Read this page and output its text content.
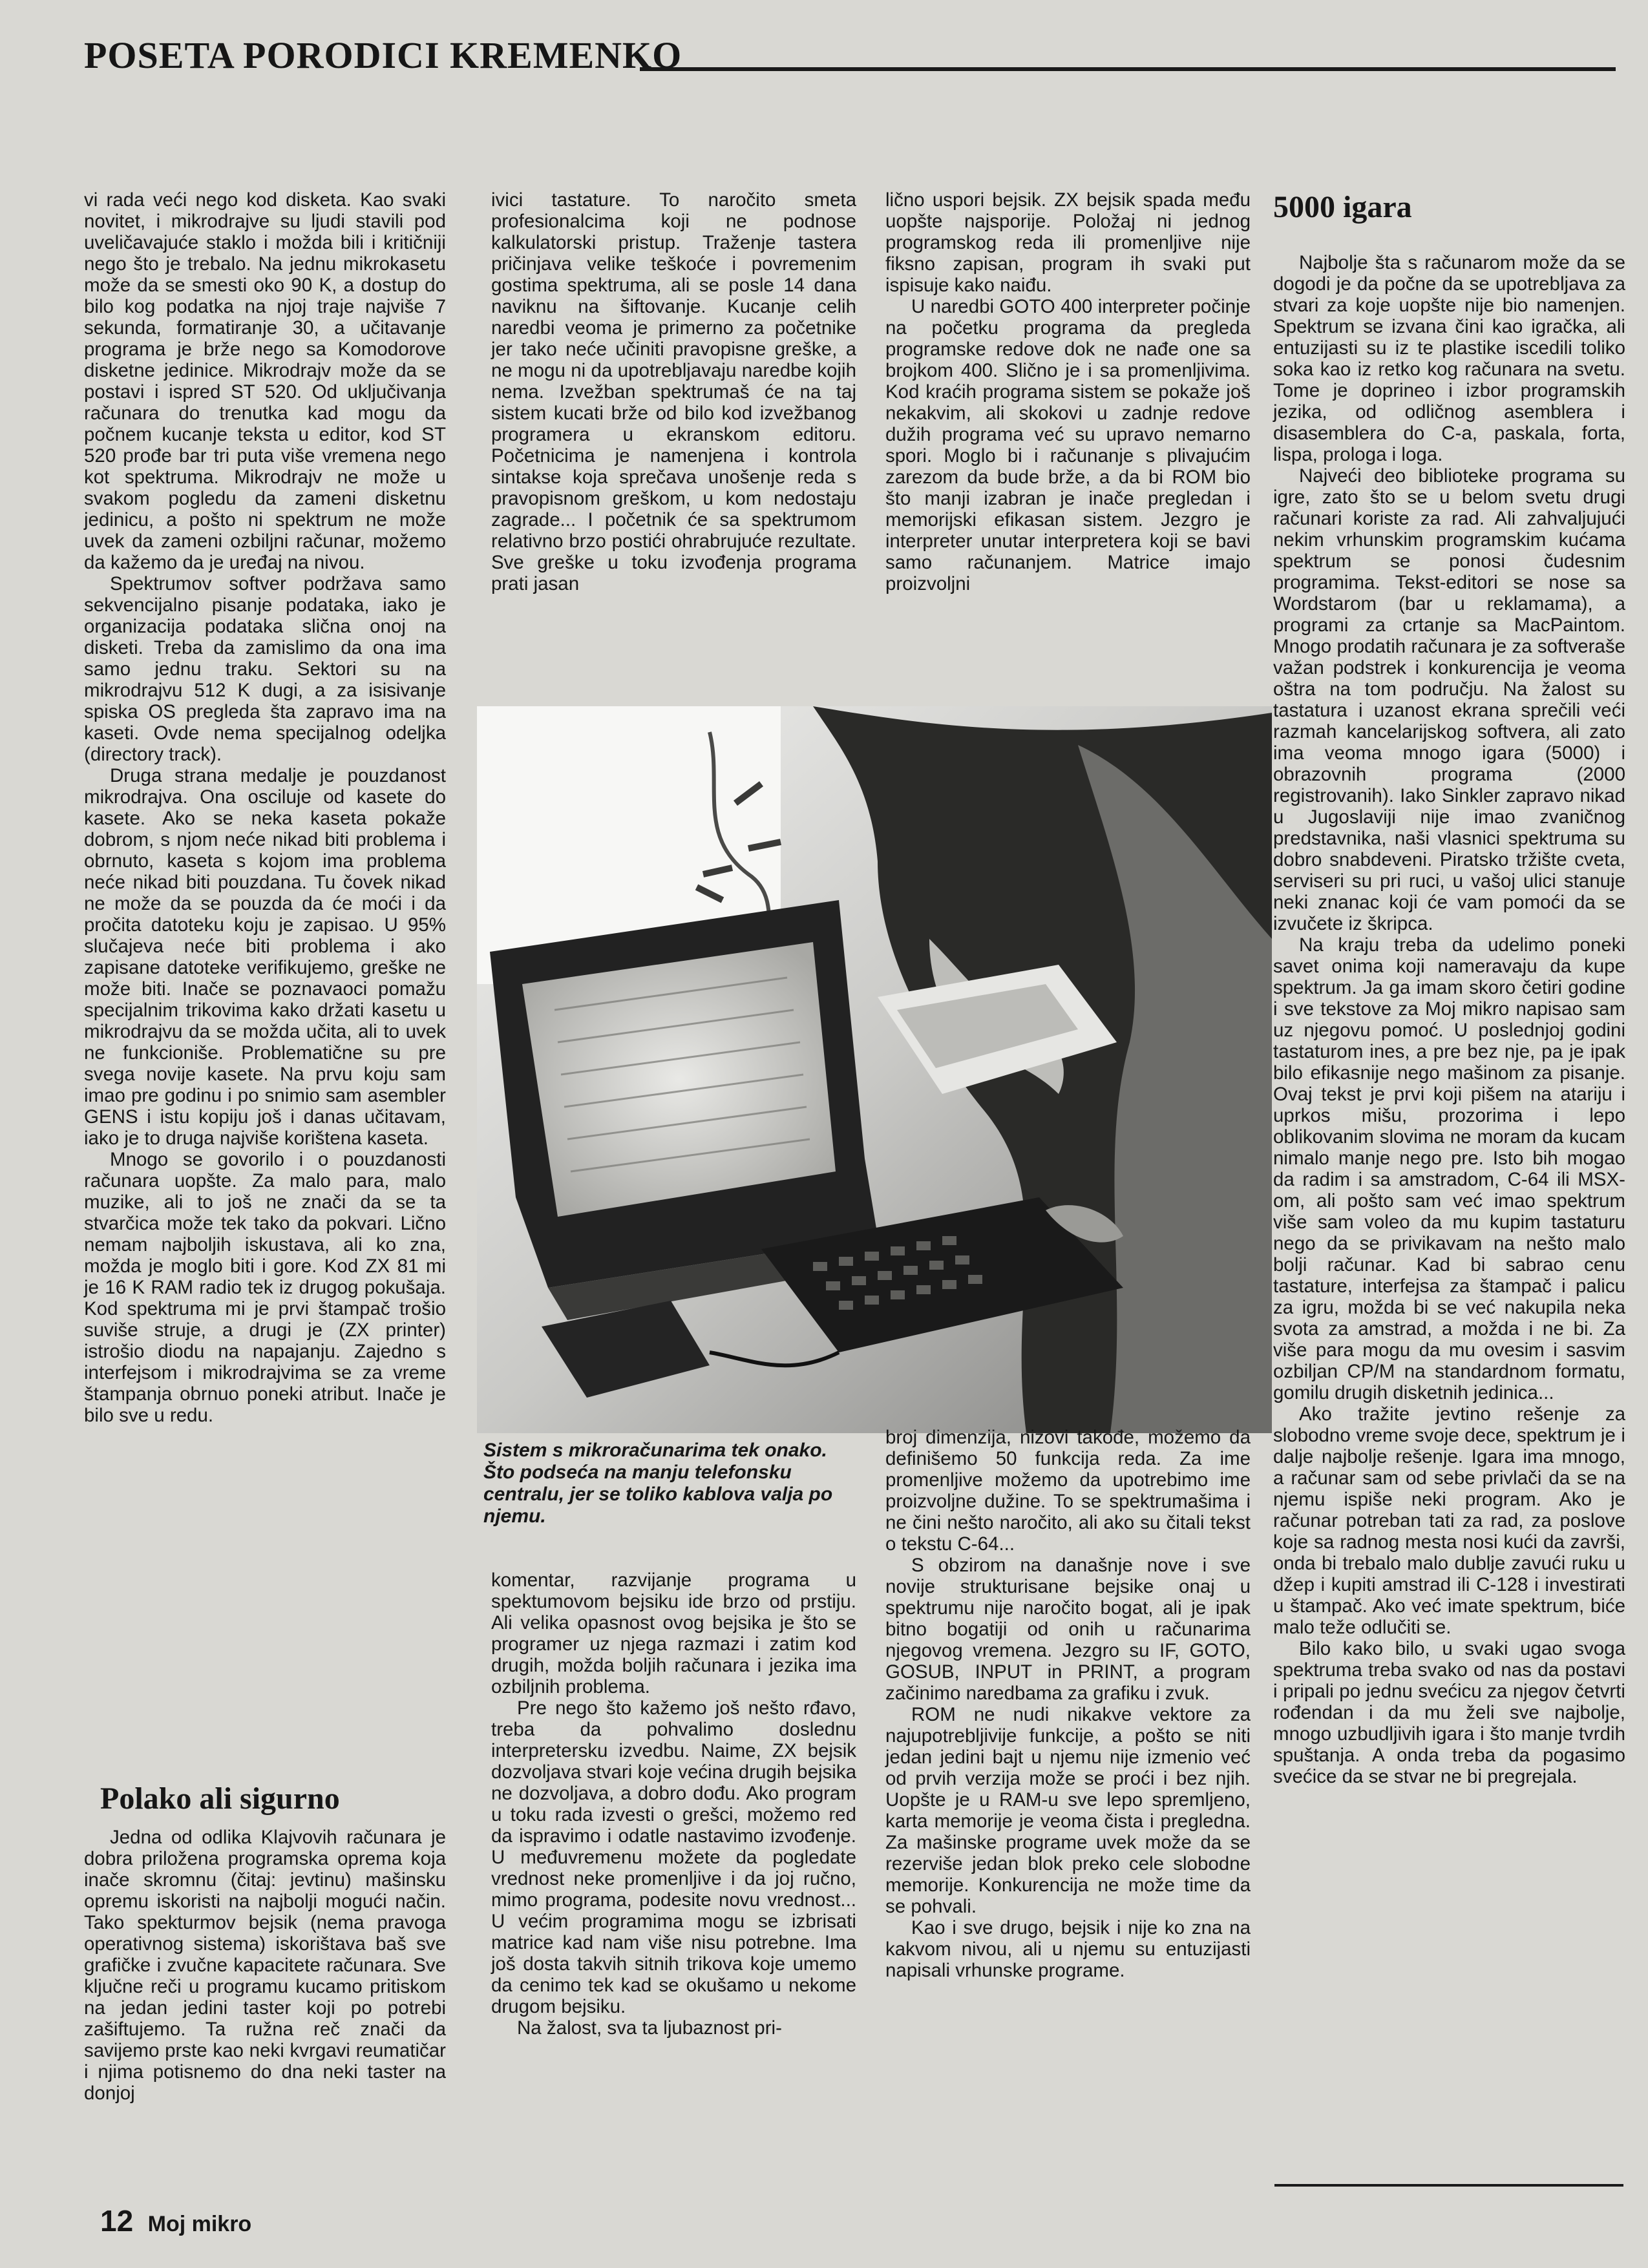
POSETA PORODICI KREMENKO

vi rada veći nego kod disketa. Kao svaki novitet, i mikrodrajve su ljudi stavili pod uveličavajuće staklo i možda bili i kritičniji nego što je trebalo. Na jednu mikrokasetu može da se smesti oko 90 K, a dostup do bilo kog podatka na njoj traje najviše 7 sekunda, formatiranje 30, a učitavanje programa je brže nego sa Komodorove disketne jedinice. Mikrodrajv može da se postavi i ispred ST 520. Od uključivanja računara do trenutka kad mogu da počnem kucanje teksta u editor, kod ST 520 prođe bar tri puta više vremena nego kot spektruma. Mikrodrajv ne može u svakom pogledu da zameni disketnu jedinicu, a pošto ni spektrum ne može uvek da zameni ozbiljni računar, možemo da kažemo da je uređaj na nivou.

Spektrumov softver podržava samo sekvencijalno pisanje podataka, iako je organizacija podataka slična onoj na disketi. Treba da zamislimo da ona ima samo jednu traku. Sektori su na mikrodrajvu 512 K dugi, a za isisivanje spiska OS pregleda šta zapravo ima na kaseti. Ovde nema specijalnog odeljka (directory track).

Druga strana medalje je pouzdanost mikrodrajva. Ona osciluje od kasete do kasete. Ako se neka kaseta pokaže dobrom, s njom neće nikad biti problema i obrnuto, kaseta s kojom ima problema neće nikad biti pouzdana. Tu čovek nikad ne može da se pouzda da će moći i da pročita datoteku koju je zapisao. U 95% slučajeva neće biti problema i ako zapisane datoteke verifikujemo, greške ne može biti. Inače se poznavaoci pomažu specijalnim trikovima kako držati kasetu u mikrodrajvu da se možda učita, ali to uvek ne funkcioniše. Problematične su pre svega novije kasete. Na prvu koju sam imao pre godinu i po snimio sam asembler GENS i istu kopiju još i danas učitavam, iako je to druga najviše korištena kaseta.

Mnogo se govorilo i o pouzdanosti računara uopšte. Za malo para, malo muzike, ali to još ne znači da se ta stvarčica može tek tako da pokvari. Lično nemam najboljih iskustava, ali ko zna, možda je moglo biti i gore. Kod ZX 81 mi je 16 K RAM radio tek iz drugog pokušaja. Kod spektruma mi je prvi štampač trošio suviše struje, a drugi je (ZX printer) istrošio diodu na napajanju. Zajedno s interfejsom i mikrodrajvima se za vreme štampanja obrnuo poneki atribut. Inače je bilo sve u redu.

Polako ali sigurno

Jedna od odlika Klajvovih računara je dobra priložena programska oprema koja inače skromnu (čitaj: jevtinu) mašinsku opremu iskoristi na najbolji mogući način. Tako spekturmov bejsik (nema pravoga operativnog sistema) iskorištava baš sve grafičke i zvučne kapacitete računara. Sve ključne reči u programu kucamo pritiskom na jedan jedini taster koji po potrebi zašiftujemo. Ta ružna reč znači da savijemo prste kao neki kvrgavi reumatičar i njima potisnemo do dna neki taster na donjoj

ivici tastature. To naročito smeta profesionalcima koji ne podnose kalkulatorski pristup. Traženje tastera pričinjava velike teškoće i povremenim gostima spektruma, ali se posle 14 dana naviknu na šiftovanje. Kucanje celih naredbi veoma je primerno za početnike jer tako neće učiniti pravopisne greške, a ne mogu ni da upotrebljavaju naredbe kojih nema. Izvežban spektrumaš će na taj sistem kucati brže od bilo kod izvežbanog programera u ekranskom editoru. Početnicima je namenjena i kontrola sintakse koja sprečava unošenje reda s pravopisnom greškom, u kom nedostaju zagrade... I početnik će sa spektrumom relativno brzo postići ohrabrujuće rezultate. Sve greške u toku izvođenja programa prati jasan

lično uspori bejsik. ZX bejsik spada među uopšte najsporije. Položaj ni jednog programskog reda ili promenljive nije fiksno zapisan, program ih svaki put ispisuje kako naiđu.

U naredbi GOTO 400 interpreter počinje na početku programa da pregleda programske redove dok ne nađe one sa brojkom 400. Slično je i sa promenljivima. Kod kraćih programa sistem se pokaže još nekakvim, ali skokovi u zadnje redove dužih programa već su upravo nemarno spori. Moglo bi i računanje s plivajućim zarezom da bude brže, a da bi ROM bio što manji izabran je inače pregledan i memorijski efikasan sistem. Jezgro je interpreter unutar interpretera koji se bavi samo računanjem. Matrice imajo proizvoljni

Sistem s mikroračunarima tek onako. Što podseća na manju telefonsku centralu, jer se toliko kablova valja po njemu.

komentar, razvijanje programa u spektumovom bejsiku ide brzo od prstiju. Ali velika opasnost ovog bejsika je što se programer uz njega razmazi i zatim kod drugih, možda boljih računara i jezika ima ozbiljnih problema.

Pre nego što kažemo još nešto rđavo, treba da pohvalimo doslednu interpretersku izvedbu. Naime, ZX bejsik dozvoljava stvari koje većina drugih bejsika ne dozvoljava, a dobro dođu. Ako program u toku rada izvesti o grešci, možemo red da ispravimo i odatle nastavimo izvođenje. U međuvremenu možete da pogledate vrednost neke promenljive i da joj ručno, mimo programa, podesite novu vrednost... U većim programima mogu se izbrisati matrice kad nam više nisu potrebne. Ima još dosta takvih sitnih trikova koje umemo da cenimo tek kad se okušamo u nekome drugom bejsiku.

Na žalost, sva ta ljubaznost pri-

broj dimenzija, nizovi takođe, možemo da definišemo 50 funkcija reda. Za ime promenljive možemo da upotrebimo ime proizvoljne dužine. To se spektrumašima i ne čini nešto naročito, ali ako su čitali tekst o tekstu C-64...

S obzirom na današnje nove i sve novije strukturisane bejsike onaj u spektrumu nije naročito bogat, ali je ipak bitno bogatiji od onih u računarima njegovog vremena. Jezgro su IF, GOTO, GOSUB, INPUT in PRINT, a program začinimo naredbama za grafiku i zvuk.

ROM ne nudi nikakve vektore za najupotrebljivije funkcije, a pošto se niti jedan jedini bajt u njemu nije izmenio već od prvih verzija može se proći i bez njih. Uopšte je u RAM-u sve lepo spremljeno, karta memorije je veoma čista i pregledna. Za mašinske programe uvek može da se rezerviše jedan blok preko cele slobodne memorije. Konkurencija ne može time da se pohvali.

Kao i sve drugo, bejsik i nije ko zna na kakvom nivou, ali u njemu su entuzijasti napisali vrhunske programe.

5000 igara

Najbolje šta s računarom može da se dogodi je da počne da se upotrebljava za stvari za koje uopšte nije bio namenjen. Spektrum se izvana čini kao igračka, ali entuzijasti su iz te plastike iscedili toliko soka kao iz retko kog računara na svetu. Tome je doprineo i izbor programskih jezika, od odličnog asemblera i disasemblera do C-a, paskala, forta, lispa, prologa i loga.

Najveći deo biblioteke programa su igre, zato što se u belom svetu drugi računari koriste za rad. Ali zahvaljujući nekim vrhunskim programskim kućama spektrum se ponosi čudesnim programima. Tekst-editori se nose sa Wordstarom (bar u reklamama), a programi za crtanje sa MacPaintom. Mnogo prodatih računara je za softveraše važan podstrek i konkurencija je veoma oštra na tom području. Na žalost su tastatura i uzanost ekrana sprečili veći razmah kancelarijskog softvera, ali zato ima veoma mnogo igara (5000) i obrazovnih programa (2000 registrovanih). Iako Sinkler zapravo nikad u Jugoslaviji nije imao zvaničnog predstavnika, naši vlasnici spektruma su dobro snabdeveni. Piratsko tržište cveta, serviseri su pri ruci, u vašoj ulici stanuje neki znanac koji će vam pomoći da se izvučete iz škripca.

Na kraju treba da udelimo poneki savet onima koji nameravaju da kupe spektrum. Ja ga imam skoro četiri godine i sve tekstove za Moj mikro napisao sam uz njegovu pomoć. U poslednjoj godini tastaturom ines, a pre bez nje, pa je ipak bilo efikasnije nego mašinom za pisanje. Ovaj tekst je prvi koji pišem na atariju i uprkos mišu, prozorima i lepo oblikovanim slovima ne moram da kucam nimalo manje nego pre. Isto bih mogao da radim i sa amstradom, C-64 ili MSX-om, ali pošto sam već imao spektrum više sam voleo da mu kupim tastaturu nego da se privikavam na nešto malo bolji računar. Kad bi sabrao cenu tastature, interfejsa za štampač i palicu za igru, možda bi se već nakupila neka svota za amstrad, a možda i ne bi. Za više para mogu da mu ovesim i sasvim ozbiljan CP/M na standardnom formatu, gomilu drugih disketnih jedinica...

Ako tražite jevtino rešenje za slobodno vreme svoje dece, spektrum je i dalje najbolje rešenje. Igara ima mnogo, a računar sam od sebe privlači da se na njemu ispiše neki program. Ako je računar potreban tati za rad, za poslove koje sa radnog mesta nosi kući da završi, onda bi trebalo malo dublje zavući ruku u džep i kupiti amstrad ili C-128 i investirati u štampač. Ako već imate spektrum, biće malo teže odlučiti se.

Bilo kako bilo, u svaki ugao svoga spektruma treba svako od nas da postavi i pripali po jednu svećicu za njegov četvrti rođendan i da mu želi sve najbolje, mnogo uzbudljivih igara i što manje tvrdih spuštanja. A onda treba da pogasimo svećice da se stvar ne bi pregrejala.

12 Moj mikro
